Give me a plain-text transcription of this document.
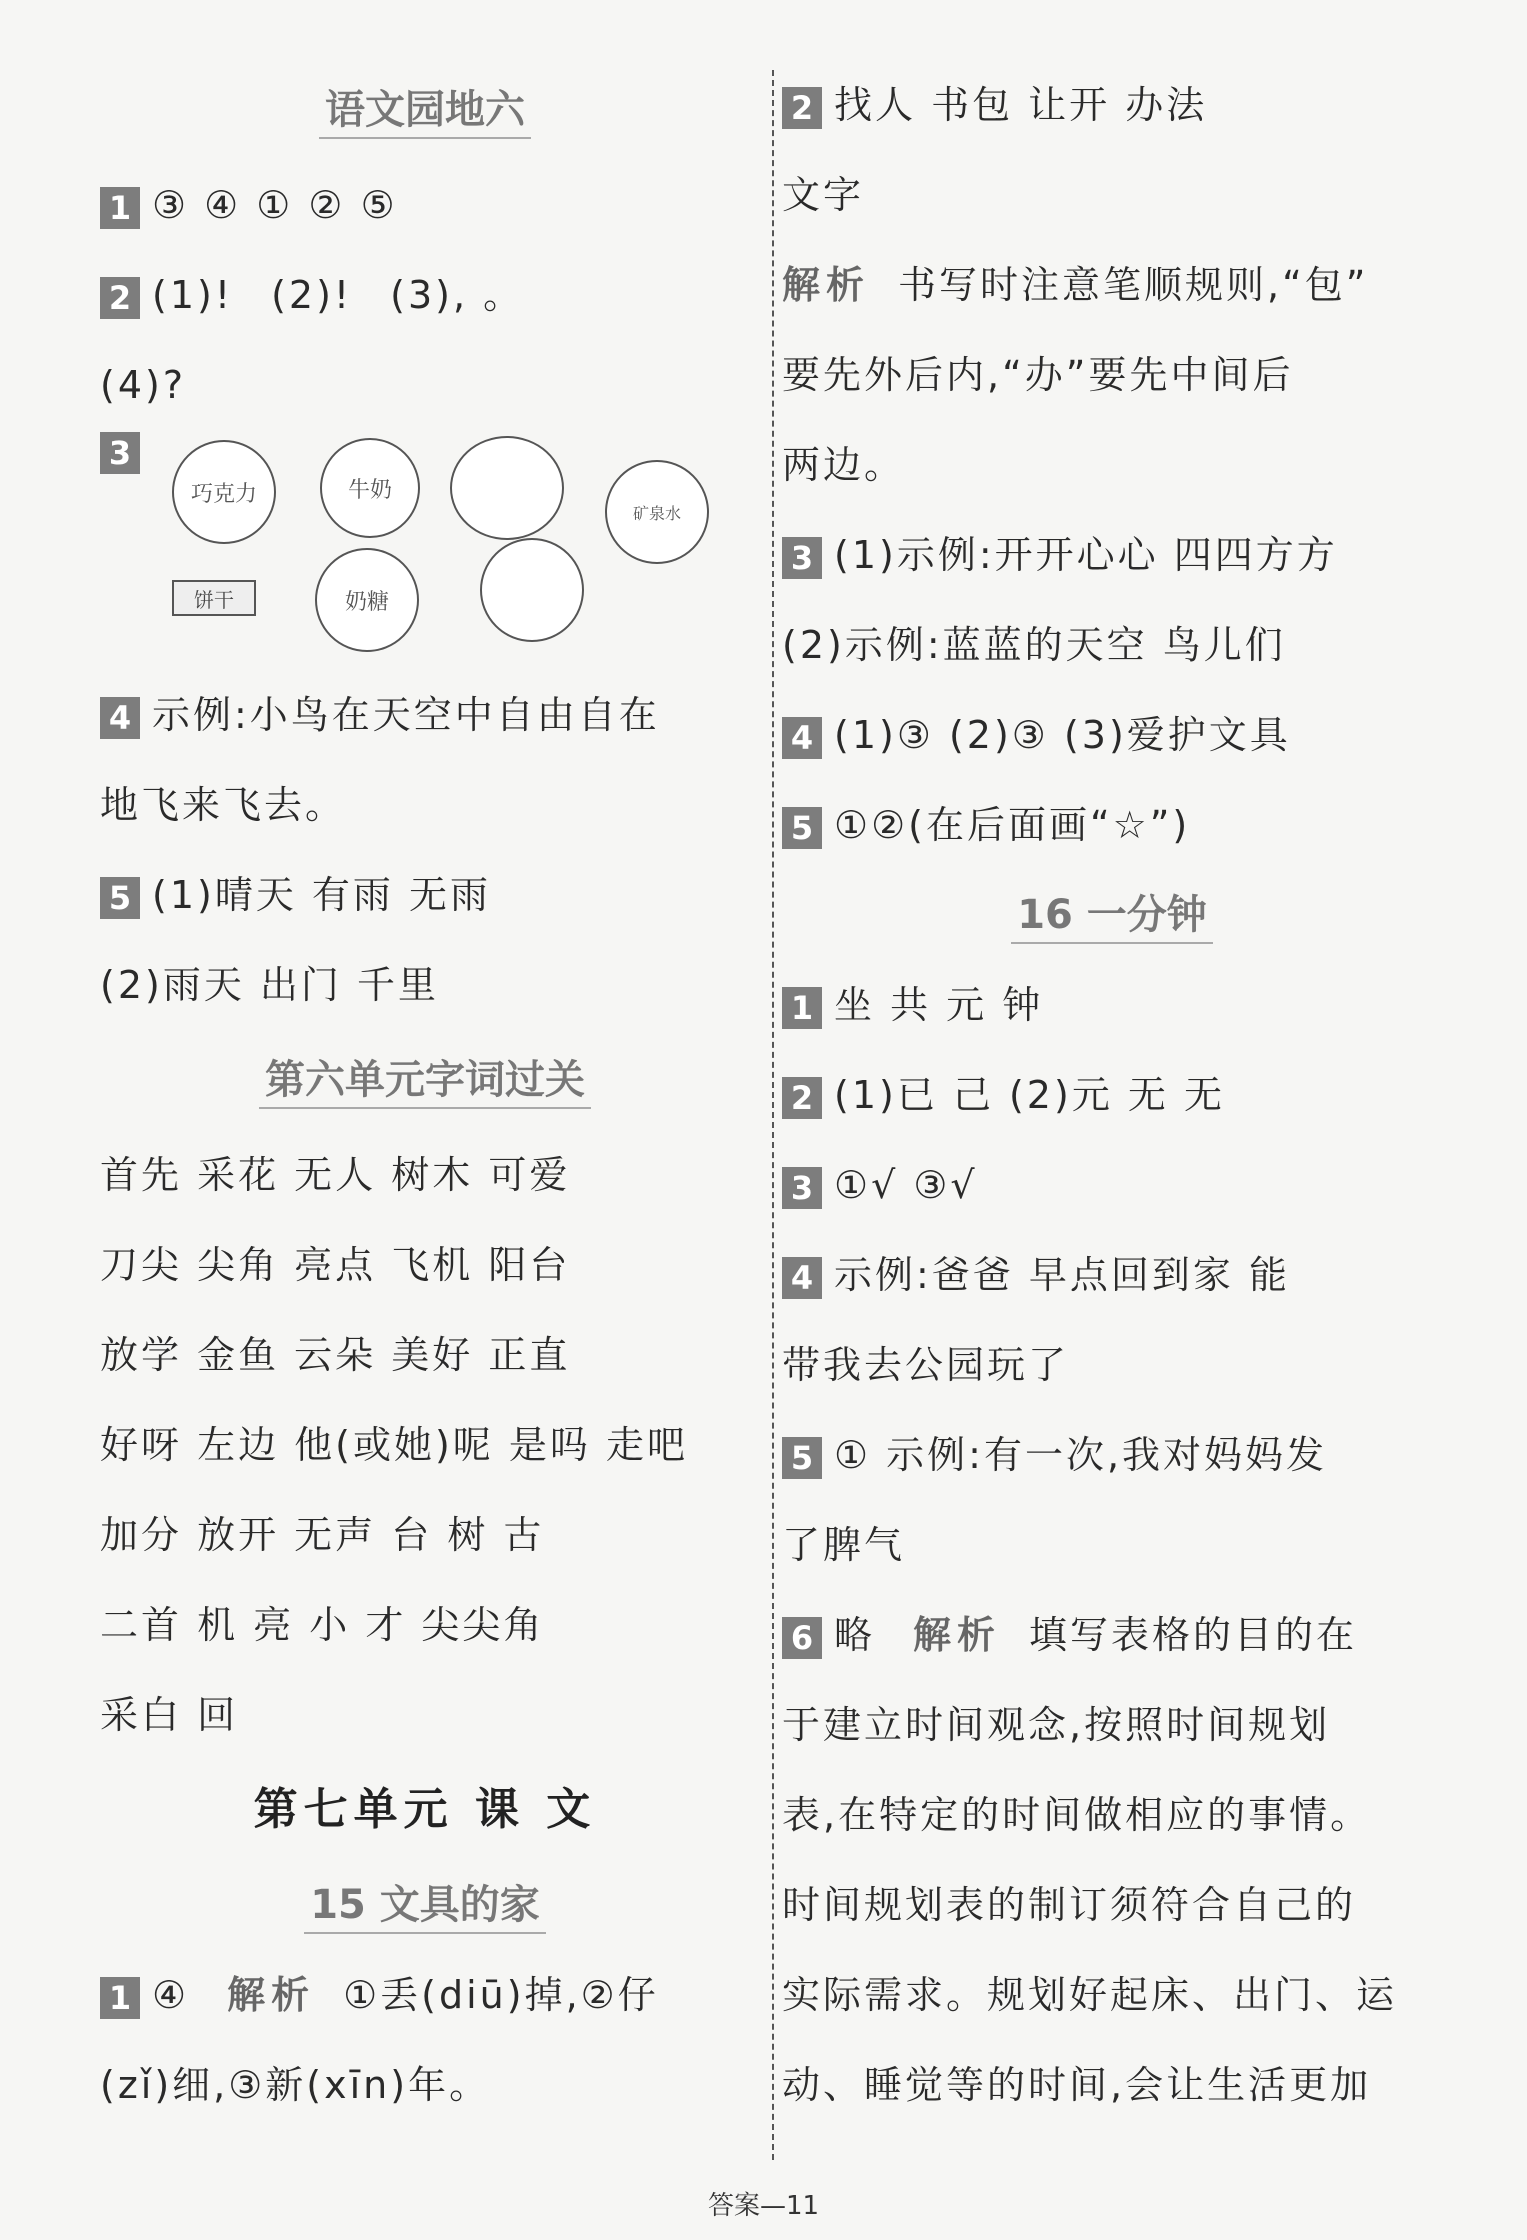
语文园地六
1 ③ ④ ① ② ⑤
2 (1)! (2)! (3), 。
(4)?
3
巧克力	牛奶
矿泉水
饼干	奶糖
4 示例:小鸟在天空中自由自在
地飞来飞去。
5 (1)晴天 有雨 无雨
(2)雨天 出门 千里
第六单元字词过关
首先 采花 无人 树木 可爱
刀尖 尖角 亮点 飞机 阳台
放学 金鱼 云朵 美好 正直
好呀 左边 他(或她)呢 是吗 走吧
加分 放开 无声 台 树 古
二首 机 亮 小 才 尖尖角
采白 回
第七单元 课 文
15 文具的家
1 ④ 解析 ①丢(diū)掉,②仔
(zǐ)细,③新(xīn)年。
2 找人 书包 让开 办法
文字
解析 书写时注意笔顺规则,“包”
要先外后内,“办”要先中间后
两边。
3 (1)示例:开开心心 四四方方
(2)示例:蓝蓝的天空 鸟儿们
4 (1)③ (2)③ (3)爱护文具
5 ①②(在后面画“☆”)
16 一分钟
1 坐 共 元 钟
2 (1)已 己 (2)元 无 无
3 ①√ ③√
4 示例:爸爸 早点回到家 能
带我去公园玩了
5 ① 示例:有一次,我对妈妈发
了脾气
6 略 解析 填写表格的目的在
于建立时间观念,按照时间规划
表,在特定的时间做相应的事情。
时间规划表的制订须符合自己的
实际需求。规划好起床、出门、运
动、睡觉等的时间,会让生活更加
答案—11
